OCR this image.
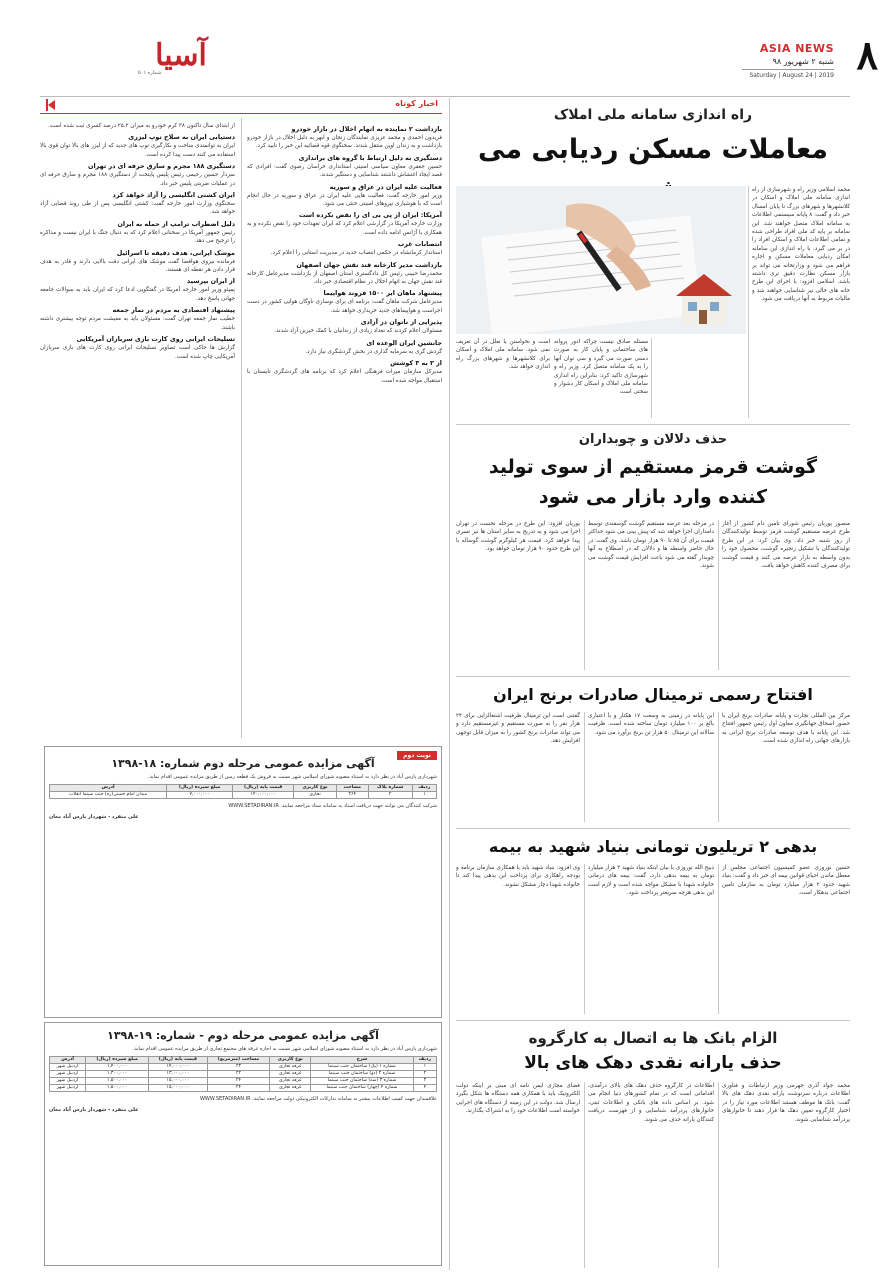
۸
ASIA NEWS
شنبه ۲ شهریور ۹۸
Saturday | August 24 | 2019
آسیا
شماره ۵۰۱
اخبار کوتاه
از ابتدای سال تاکنون ۳۸ کرم خودرو به میزان ۲۵.۲ درصد کسری ثبت شده است.
دستیابی ایران به سلاح توپ لیزری
ایران به توانمندی ساخت و بکارگیری توپ های جدید که از لیزر های بالا توان قوی بالا استفاده می کنند دست پیدا کرده است.
دستگیری ۱۸۸ مجرم و سارق حرفه ای در تهران
سردار حسین رحیمی رئیس پلیس پایتخت از دستگیری ۱۸۸ مجرم و سارق حرفه ای در عملیات ضربتی پلیس خبر داد.
ایران کشتی انگلیسی را آزاد خواهد کرد
سخنگوی وزارت امور خارجه گفت: کشتی انگلیسی پس از طی روند قضایی آزاد خواهد شد.
دلیل اضطراب ترامپ از حمله به ایران
رئیس جمهور آمریکا در سخنانی اعلام کرد که به دنبال جنگ با ایران نیست و مذاکره را ترجیح می دهد.
موشک ایرانی، هدف دقیقه تا اسرائیل
فرمانده نیروی هوافضا گفت موشک های ایرانی دقت بالایی دارند و قادر به هدف قرار دادن هر نقطه ای هستند.
از ایران بپرسید
پمپئو وزیر امور خارجه آمریکا در گفتگویی ادعا کرد که ایران باید به سوالات جامعه جهانی پاسخ دهد.
پیشنهاد افتصادی به مردم در نماز جمعه
خطیب نماز جمعه تهران گفت: مسئولان باید به معیشت مردم توجه بیشتری داشته باشند.
تسلیحات ایرانی روی کارت بازی سربازان آمریکایی
گزارش ها حاکی است تصاویر تسلیحات ایرانی روی کارت های بازی سربازان آمریکایی چاپ شده است.
بازداشت ۲ نماینده به اتهام اخلال در بازار خودرو
فریدون احمدی و محمد عزیزی نمایندگان زنجان و ابهر به دلیل اخلال در بازار خودرو بازداشت و به زندان اوین منتقل شدند. سخنگوی قوه قضائیه این خبر را تایید کرد.
دستگیری به دلیل ارتباط با گروه های براندازی
حسین جعفری معاون سیاسی امنیتی استانداری خراسان رضوی گفت: افرادی که قصد ایجاد اغتشاش داشتند شناسایی و دستگیر شدند.
فعالیت علیه ایران در عراق و سوریه
وزیر امور خارجه گفت: فعالیت هایی علیه ایران در عراق و سوریه در حال انجام است که با هوشیاری نیروهای امنیتی خنثی می شود.
آمریکا: ایران از پی بی ای را نقض نکرده است
وزارت خارجه آمریکا در گزارشی اعلام کرد که ایران تعهدات خود را نقض نکرده و به همکاری با آژانس ادامه داده است.
انتصابات غرب
استاندار کرمانشاه در حکمی انتصاب جدید در مدیریت استانی را اعلام کرد.
بازداشت مدیر کارخانه قند نقش جهان اصفهان
محمدرضا حبیبی رئیس کل دادگستری استان اصفهان از بازداشت مدیرعامل کارخانه قند نقش جهان به اتهام اخلال در نظام اقتصادی خبر داد.
پیشنهاد ماهان ایر ۱۵۰۰ فروند هواپیما
مدیرعامل شرکت ماهان گفت: برنامه ای برای نوسازی ناوگان هوایی کشور در دست اجراست و هواپیماهای جدید خریداری خواهد شد.
پذیرایی از ناتوان در آزادی
مسئولان اعلام کردند که تعداد زیادی از زندانیان با کمک خیرین آزاد شدند.
جانشین ایران الوعده ای
گردش گری به سرمایه گذاری در بخش گردشگری نیاز دارد.
از ۳ به ۳ کوشش
مدیرکل سازمان میراث فرهنگی اعلام کرد که برنامه های گردشگری تابستان با استقبال مواجه شده است.
نوبت دوم
آگهی مزایده عمومی مرحله دوم شماره: ۱۸-۱۳۹۸
شهرداری پارس آباد در نظر دارد به استناد مصوبه شورای اسلامی شهر نسبت به فروش یک قطعه زمین از طریق مزایده عمومی اقدام نماید.
ردیف	شماره پلاک	مساحت	نوع کاربری	قیمت پایه (ریال)	مبلغ سپرده (ریال)	آدرس
۱	۲	۲۶۴	تجاری	۱۴۰,۰۰۰,۰۰۰	۷,۰۰۰,۰۰۰	میدان امام خمینی(ره) جنب سینما انقلاب
شرکت کنندگان می توانند جهت دریافت اسناد به سامانه ستاد مراجعه نمایند. WWW.SETADIRAN.IR
علی منفرد - شهردار پارس آباد مغان
آگهی مزایده عمومی مرحله دوم - شماره: ۱۹-۱۳۹۸
شهرداری پارس آباد در نظر دارد به استناد مصوبه شورای اسلامی شهر نسبت به اجاره غرفه های مجتمع تجاری از طریق مزایده عمومی اقدام نماید.
ردیف	شرح	نوع کاربری	مساحت (مترمربع)	قیمت پایه (ریال)	مبلغ سپرده (ریال)	آدرس
۱	شماره ۱ (یک) ساختمان جنب سینما	غرفه تجاری	۲۳	۱۴,۰۰۰,۰۰۰	۱,۴۰۰,۰۰۰	اردبیل شهر
۲	شماره ۲ (دو) ساختمان جنب سینما	غرفه تجاری	۲۲	۱۳,۰۰۰,۰۰۰	۱,۳۰۰,۰۰۰	اردبیل شهر
۳	شماره ۳ (سه) ساختمان جنب سینما	غرفه تجاری	۲۴	۱۵,۰۰۰,۰۰۰	۱,۵۰۰,۰۰۰	اردبیل شهر
۴	شماره ۴ (چهار) ساختمان جنب سینما	غرفه تجاری	۲۴	۱۵,۰۰۰,۰۰۰	۱,۵۰۰,۰۰۰	اردبیل شهر
علاقمندان جهت کسب اطلاعات بیشتر به سامانه تدارکات الکترونیکی دولت مراجعه نمایند. WWW.SETADIRAN.IR
علی منفرد - شهردار پارس آباد مغان
راه اندازی سامانه ملی املاک
معاملات مسکن ردیابی می
محمد اسلامی وزیر راه و شهرسازی از راه اندازی سامانه ملی املاک و اسکان در کلانشهرها و شهرهای بزرگ تا پایان امسال خبر داد و گفت: ۸ پایانه سیستمی اطلاعات به سامانه املاک متصل خواهند شد. این سامانه بر پایه کد ملی افراد طراحی شده و تمامی اطلاعات املاک و اسکان افراد را در بر می گیرد. با راه اندازی این سامانه امکان ردیابی معاملات مسکن و اجاره فراهم می شود و وزارتخانه می تواند بر بازار مسکن نظارت دقیق تری داشته باشد. اسلامی افزود: با اجرای این طرح خانه های خالی نیز شناسایی خواهند شد و مالیات مربوط به آنها دریافت می شود.
مسئله صادق نیست چراکه ادور پروانه های ساختمانی و پایان کار به صورت دستی صورت می گیرد و سی توان آنها را به یک سامانه متصل کرد. وزیر راه و شهرسازی تاکید کرد: بنابراین راه اندازی سامانه ملی املاک و اسکان کار دشوار و سختی است
است و نخواستن یا تعلل در آن تعریف نمی شود. سامانه ملی املاک و اسکان برای کلانشهرها و شهرهای بزرگ راه اندازی خواهد شد.
حذف دلالان و چوبداران
گوشت قرمز مستقیم از سوی تولید کننده وارد بازار می شود
منصور پوریان رئیس شورای تامین دام کشور از آغاز طرح عرضه مستقیم گوشت قرمز توسط تولیدکنندگان از روز شنبه خبر داد. وی بیان کرد: در این طرح تولیدکنندگان با تشکیل زنجیره گوشت، محصول خود را بدون واسطه به بازار عرضه می کنند و قیمت گوشت برای مصرف کننده کاهش خواهد یافت.
در مرحله بعد عرضه مستقیم گوشت گوسفندی توسط دامداران اجرا خواهد شد که پیش بینی می شود حداکثر قیمت برای آن ۸۵ تا ۹۰ هزار تومان باشد. وی گفت: در حال حاضر واسطه ها و دلالان که در اصطلاح به آنها چوبدار گفته می شود باعث افزایش قیمت گوشت می شوند.
پوریان افزود: این طرح در مرحله نخست در تهران اجرا می شود و به تدریج به سایر استان ها نیز تسری پیدا خواهد کرد. قیمت هر کیلوگرم گوشت گوساله با این طرح حدود ۹۰ هزار تومان خواهد بود.
افتتاح رسمی ترمینال صادرات برنج ایران
مرکز بین المللی تجارت و پایانه صادرات برنج ایران با حضور اسحاق جهانگیری معاون اول رئیس جمهور افتتاح شد. این پایانه با هدف توسعه صادرات برنج ایرانی به بازارهای جهانی راه اندازی شده است.
این پایانه در زمینی به وسعت ۱۷ هکتار و با اعتباری بالغ بر ۱۰۰ میلیارد تومان ساخته شده است. ظرفیت سالانه این ترمینال ۵۰ هزار تن برنج برآورد می شود.
گفتنی است این ترمینال ظرفیت اشتغالزایی برای ۲۴ هزار نفر را به صورت مستقیم و غیرمستقیم دارد و می تواند صادرات برنج کشور را به میزان قابل توجهی افزایش دهد.
بدهی ۲ تریلیون تومانی بنیاد شهید به بیمه
حسین نوروزی عضو کمیسیون اجتماعی مجلس از معطل ماندن احیای قوانین بیمه ای خبر داد و گفت: بنیاد شهید حدود ۲ هزار میلیارد تومان به سازمان تامین اجتماعی بدهکار است.
ذبیح الله نوروزی با بیان اینکه بنیاد شهید ۲ هزار میلیارد تومان به بیمه بدهی دارد، گفت: بیمه های درمانی خانواده شهدا با مشکل مواجه شده است و لازم است این بدهی هرچه سریعتر پرداخت شود.
وی افزود: بنیاد شهید باید با همکاری سازمان برنامه و بودجه راهکاری برای پرداخت این بدهی پیدا کند تا خانواده شهدا دچار مشکل نشوند.
الزام بانک ها به اتصال به کارگروه
حذف یارانه نقدی دهک های بالا
محمد جواد آذری جهرمی وزیر ارتباطات و فناوری اطلاعات درباره سرنوشت یارانه نقدی دهک های بالا گفت: بانک ها موظف هستند اطلاعات مورد نیاز را در اختیار کارگروه تعیین دهک ها قرار دهند تا خانوارهای پردرآمد شناسایی شوند.
اطلاعات در کارگروه حذف دهک های بالای درآمدی، اقداماتی است که در تمام کشورهای دنیا انجام می شود. بر اساس داده های بانکی و اطلاعات ثبتی، خانوارهای پردرآمد شناسایی و از فهرست دریافت کنندگان یارانه حذف می شوند.
فضای مجازی ایمن نامه ای مبنی بر اینکه دولت الکترونیک باید با همکاری همه دستگاه ها شکل بگیرد ارسال شد. دولت در این زمینه از دستگاه های اجرایی خواسته است اطلاعات خود را به اشتراک بگذارند.
